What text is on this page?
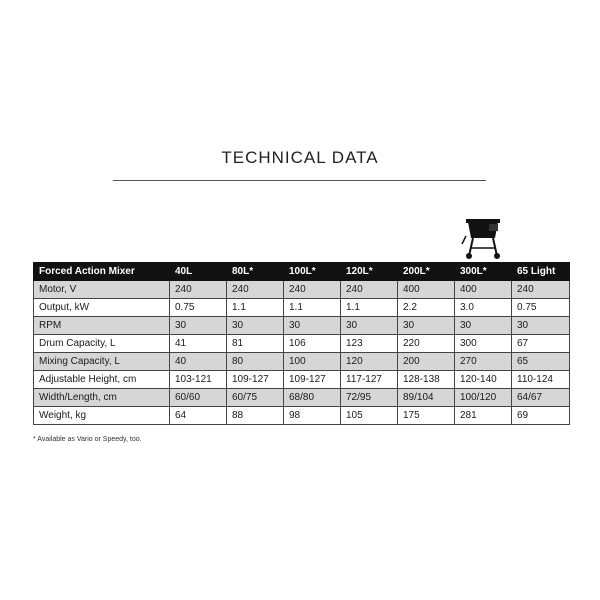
TECHNICAL DATA
Forced Action Mixer	40L	80L*	100L*	120L*	200L*	300L*	65 Light
Motor, V	240	240	240	240	400	400	240
Output, kW	0.75	1.1	1.1	1.1	2.2	3.0	0.75
RPM	30	30	30	30	30	30	30
Drum Capacity, L	41	81	106	123	220	300	67
Mixing Capacity, L	40	80	100	120	200	270	65
Adjustable Height, cm	103-121	109-127	109-127	117-127	128-138	120-140	110-124
Width/Length, cm	60/60	60/75	68/80	72/95	89/104	100/120	64/67
Weight, kg	64	88	98	105	175	281	69
* Available as Vario or Speedy, too.
